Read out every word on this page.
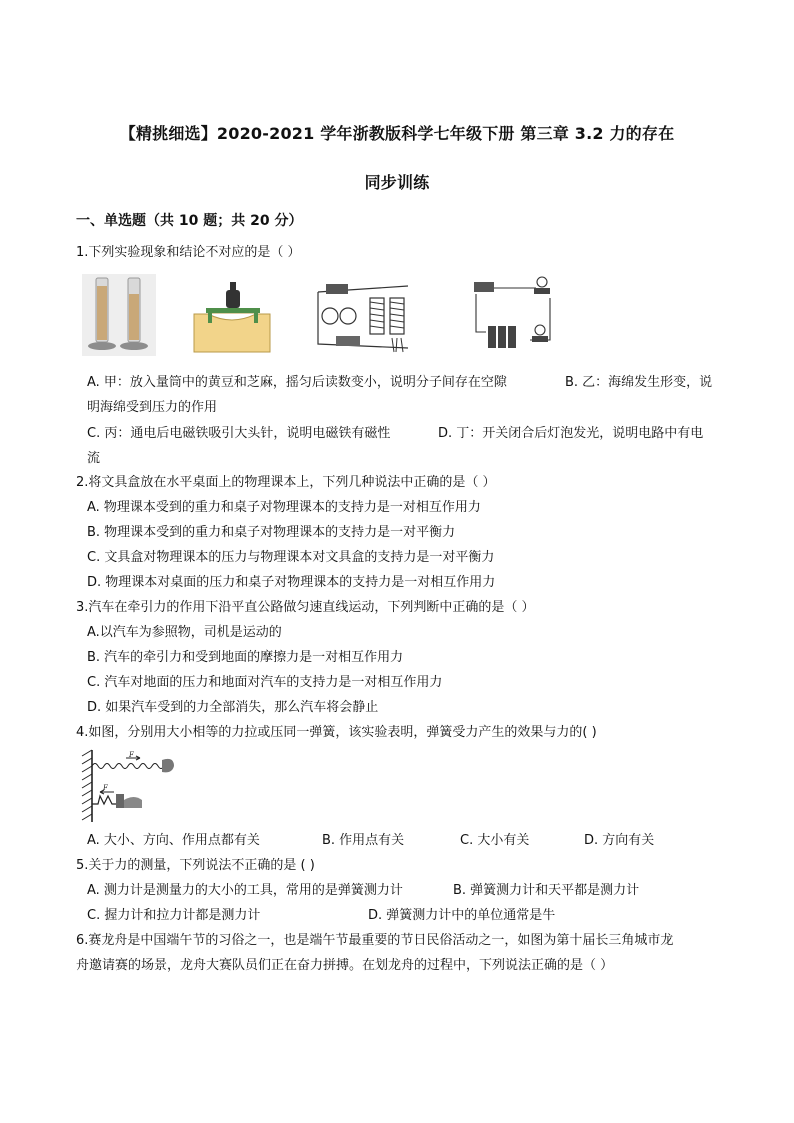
【精挑细选】2020-2021 学年浙教版科学七年级下册 第三章 3.2 力的存在
同步训练
一、单选题（共 10 题；共 20 分）
1.下列实验现象和结论不对应的是（ ）
A. 甲：放入量筒中的黄豆和芝麻，摇匀后读数变小，说明分子间存在空隙	B. 乙：海绵发生形变，说
明海绵受到压力的作用
C. 丙：通电后电磁铁吸引大头针，说明电磁铁有磁性	D. 丁：开关闭合后灯泡发光，说明电路中有电
流
2.将文具盒放在水平桌面上的物理课本上，下列几种说法中正确的是（ ）
A. 物理课本受到的重力和桌子对物理课本的支持力是一对相互作用力
B. 物理课本受到的重力和桌子对物理课本的支持力是一对平衡力
C. 文具盒对物理课本的压力与物理课本对文具盒的支持力是一对平衡力
D. 物理课本对桌面的压力和桌子对物理课本的支持力是一对相互作用力
3.汽车在牵引力的作用下沿平直公路做匀速直线运动，下列判断中正确的是（ ）
A.以汽车为参照物，司机是运动的
B. 汽车的牵引力和受到地面的摩擦力是一对相互作用力
C. 汽车对地面的压力和地面对汽车的支持力是一对相互作用力
D. 如果汽车受到的力全部消失，那么汽车将会静止
4.如图，分别用大小相等的力拉或压同一弹簧，该实验表明，弹簧受力产生的效果与力的( )
F
F
A. 大小、方向、作用点都有关	B. 作用点有关	C. 大小有关	D. 方向有关
5.关于力的测量，下列说法不正确的是 ( )
A. 测力计是测量力的大小的工具，常用的是弹簧测力计	B. 弹簧测力计和天平都是测力计
C. 握力计和拉力计都是测力计	D. 弹簧测力计中的单位通常是牛
6.赛龙舟是中国端午节的习俗之一，也是端午节最重要的节日民俗活动之一，如图为第十届长三角城市龙
舟邀请赛的场景，龙舟大赛队员们正在奋力拼搏。在划龙舟的过程中，下列说法正确的是（ ）
